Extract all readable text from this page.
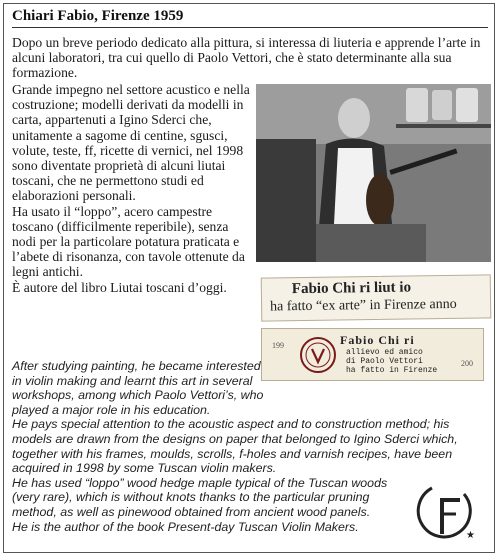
Chiari Fabio, Firenze 1959

Dopo un breve periodo dedicato alla pittura, si interessa di liuteria e apprende l’arte in alcuni laboratori, tra cui quello di Paolo Vettori, che è stato determinante alla sua formazione.

Grande impegno nel settore acustico e nella costruzione; modelli derivati da modelli in carta, appartenuti a Igino Sderci che, unitamente a sagome di centine, sgusci, volute, teste, ff, ricette di vernici, nel 1998 sono diventate proprietà di alcuni liutai toscani, che ne permettono studi ed elaborazioni personali.

Ha usato il “loppo”, acero campestre toscano (difficilmente reperibile), senza nodi per la particolare potatura praticata e l’abete di risonanza, con tavole ottenute da legni antichi.

È autore del libro Liutai toscani d’oggi.	Fabio Chi ri liut io
ha fatto “ex arte” in Firenze anno
199
200
Fabio Chi ri
allievo ed amico
di Paolo Vettori
ha fatto in Firenze

After studying painting, he became interested in violin making and learnt this art in several workshops, among which Paolo Vettori’s, who played a major role in his education.

He pays special attention to the acoustic aspect and to construction method; his models are drawn from the designs on paper that belonged to Igino Sderci which, together with his frames, moulds, scrolls, f-holes and varnish recipes, have been acquired in 1998 by some Tuscan violin makers.

He has used “loppo” wood hedge maple typical of the Tuscan woods (very rare), which is without knots thanks to the particular pruning method, as well as pinewood obtained from ancient wood panels.

He is the author of the book Present-day Tuscan Violin Makers.

★
